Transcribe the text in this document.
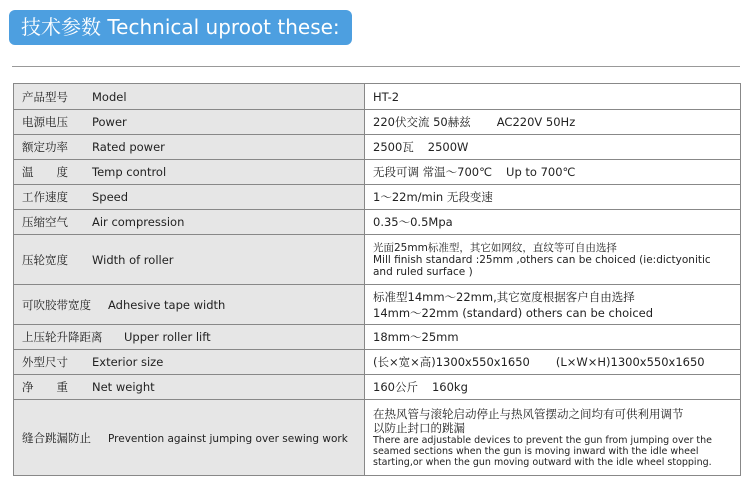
技术参数 Technical uproot these:
产品型号 Model	HT-2
电源电压 Power	220伏交流 50赫兹 AC220V 50Hz
额定功率 Rated power	2500瓦 2500W
温　　度 Temp control	无段可调 常温～700℃ Up to 700℃
工作速度 Speed	1～22m/min 无段变速
压缩空气 Air compression	0.35～0.5Mpa
压轮宽度 Width of roller	光面25mm标准型，其它如网纹，直纹等可自由选择
Mill finish standard :25mm ,others can be choiced (ie:dictyonitic
and ruled surface )

可吹胶带宽度 Adhesive tape width	标准型14mm～22mm,其它宽度根据客户自由选择
14mm～22mm (standard) others can be choiced

上压轮升降距离 Upper roller lift	18mm～25mm
外型尺寸 Exterior size	(长×宽×高)1300x550x1650 (L×W×H)1300x550x1650
净　　重 Net weight	160公斤 160kg
缝合跳漏防止 Prevention against jumping over sewing work	在热风管与滚轮启动停止与热风管摆动之间均有可供利用调节
以防止封口的跳漏
There are adjustable devices to prevent the gun from jumping over the
seamed sections when the gun is moving inward with the idle wheel
starting,or when the gun moving outward with the idle wheel stopping.
